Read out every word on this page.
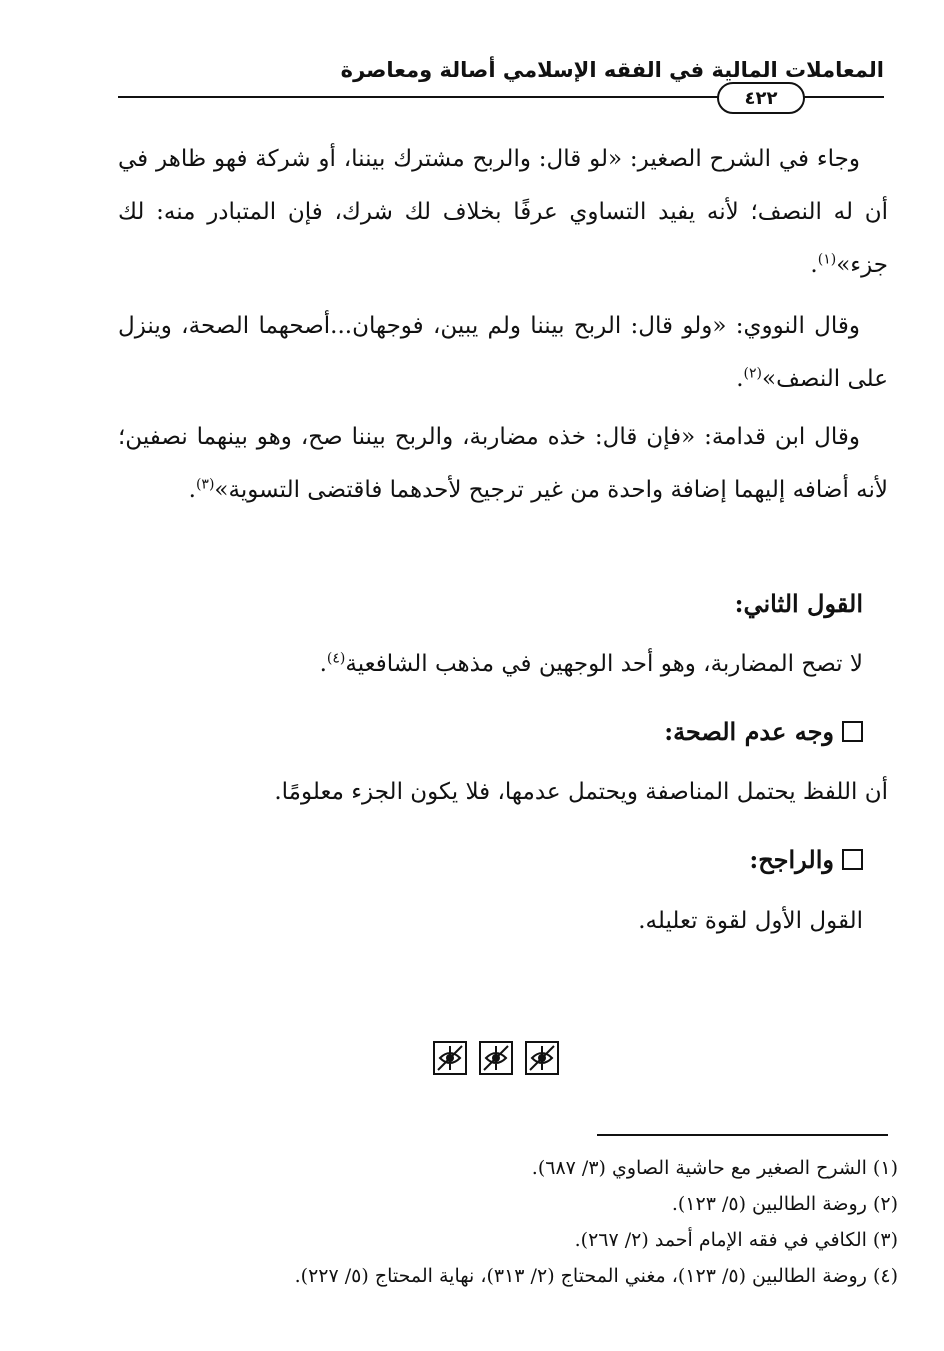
المعاملات المالية في الفقه الإسلامي أصالة ومعاصرة
٤٢٢

وجاء في الشرح الصغير: «لو قال: والربح مشترك بيننا، أو شركة فهو ظاهر في أن له النصف؛ لأنه يفيد التساوي عرفًا بخلاف لك شرك، فإن المتبادر منه: لك جزء»$^{(١)}$.

وقال النووي: «ولو قال: الربح بيننا ولم يبين، فوجهان...أصحهما الصحة، وينزل على النصف»$^{(٢)}$.

وقال ابن قدامة: «فإن قال: خذه مضاربة، والربح بيننا صح، وهو بينهما نصفين؛ لأنه أضافه إليهما إضافة واحدة من غير ترجيح لأحدهما فاقتضى التسوية»$^{(٣)}$.

القول الثاني:

لا تصح المضاربة، وهو أحد الوجهين في مذهب الشافعية$^{(٤)}$.

وجه عدم الصحة:

أن اللفظ يحتمل المناصفة ويحتمل عدمها، فلا يكون الجزء معلومًا.

والراجح:

القول الأول لقوة تعليله.

(١) الشرح الصغير مع حاشية الصاوي (٣/ ٦٨٧).
(٢) روضة الطالبين (٥/ ١٢٣).
(٣) الكافي في فقه الإمام أحمد (٢/ ٢٦٧).
(٤) روضة الطالبين (٥/ ١٢٣)، مغني المحتاج (٢/ ٣١٣)، نهاية المحتاج (٥/ ٢٢٧).
